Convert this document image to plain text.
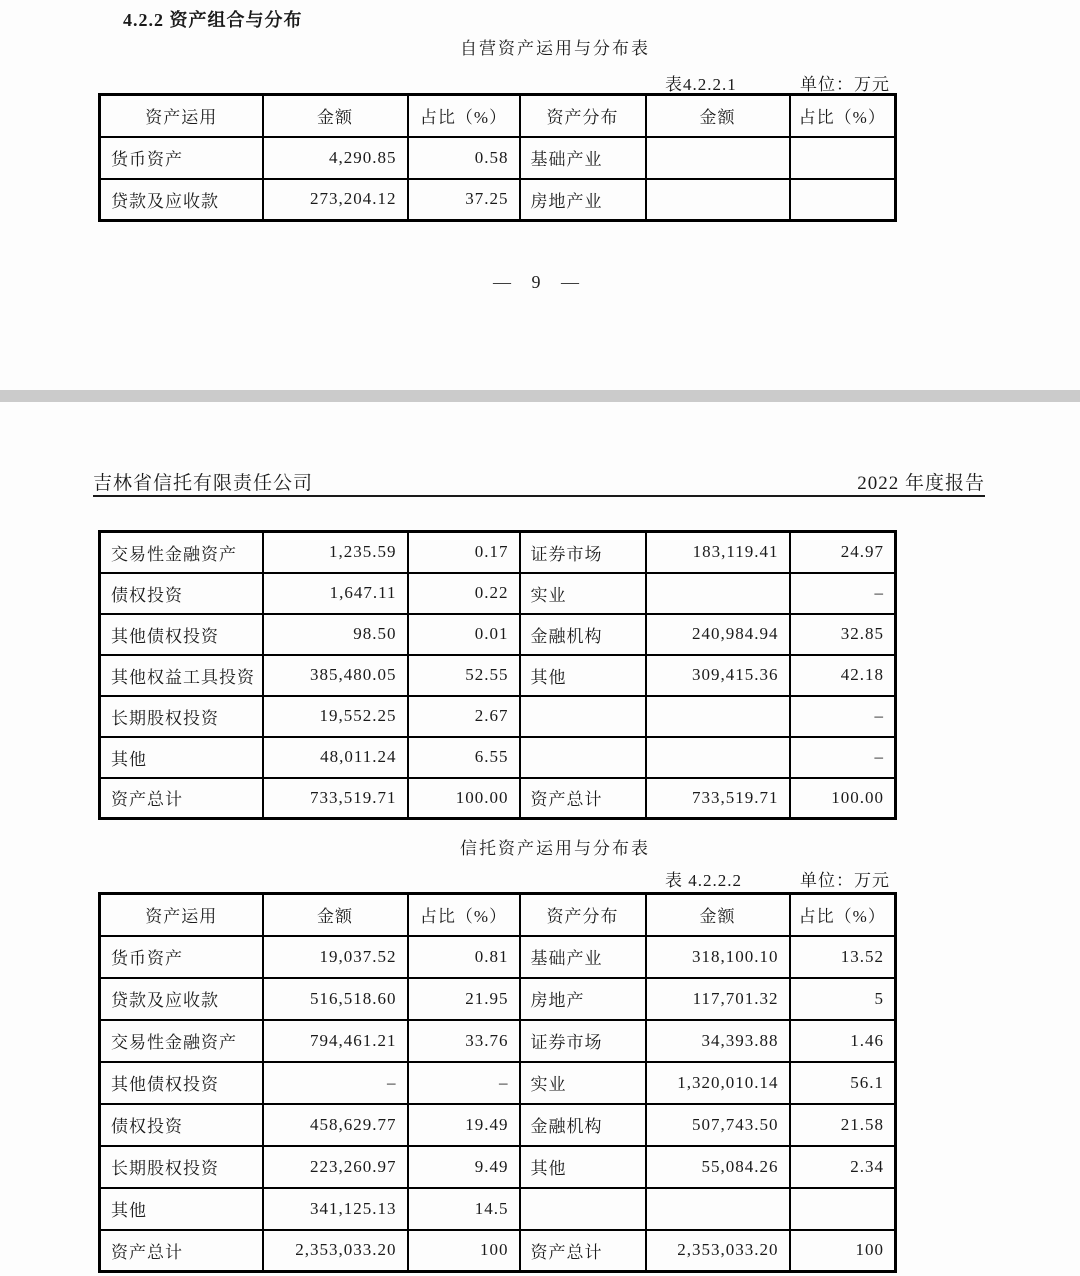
4.2.2 资产组合与分布
自营资产运用与分布表
表4.2.2.1	单位：万元
资产运用	金额	占比（%）	资产分布	金额	占比（%）
货币资产	4,290.85	0.58	基础产业		
贷款及应收款	273,204.12	37.25	房地产业		
— 9 —
吉林省信托有限责任公司	2022 年度报告
交易性金融资产	1,235.59	0.17	证券市场	183,119.41	24.97
债权投资	1,647.11	0.22	实业		–
其他债权投资	98.50	0.01	金融机构	240,984.94	32.85
其他权益工具投资	385,480.05	52.55	其他	309,415.36	42.18
长期股权投资	19,552.25	2.67			–
其他	48,011.24	6.55			–
资产总计	733,519.71	100.00	资产总计	733,519.71	100.00
信托资产运用与分布表
表 4.2.2.2	单位：万元
资产运用	金额	占比（%）	资产分布	金额	占比（%）
货币资产	19,037.52	0.81	基础产业	318,100.10	13.52
贷款及应收款	516,518.60	21.95	房地产	117,701.32	5
交易性金融资产	794,461.21	33.76	证券市场	34,393.88	1.46
其他债权投资	–	–	实业	1,320,010.14	56.1
债权投资	458,629.77	19.49	金融机构	507,743.50	21.58
长期股权投资	223,260.97	9.49	其他	55,084.26	2.34
其他	341,125.13	14.5			
资产总计	2,353,033.20	100	资产总计	2,353,033.20	100
